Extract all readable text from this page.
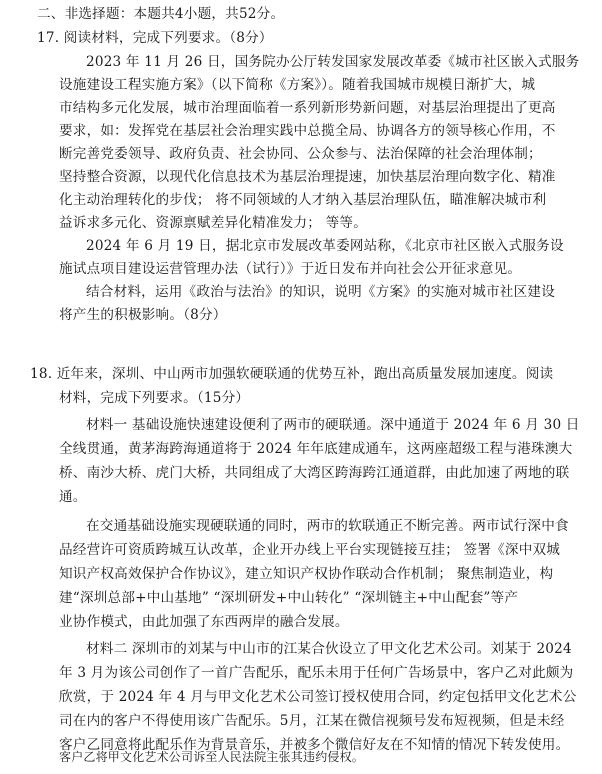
二、非选择题：本题共4小题，共52分。
17. 阅读材料，完成下列要求。（8分）
2023 年 11 月 26 日，国务院办公厅转发国家发展改革委《城市社区嵌入式服务
设施建设工程实施方案》（以下简称《方案》）。随着我国城市规模日渐扩大，城
市结构多元化发展，城市治理面临着一系列新形势新问题，对基层治理提出了更高
要求，如：发挥党在基层社会治理实践中总揽全局、协调各方的领导核心作用，不
断完善党委领导、政府负责、社会协同、公众参与、法治保障的社会治理体制；
坚持整合资源，以现代化信息技术为基层治理提速，加快基层治理向数字化、精准
化主动治理转化的步伐； 将不同领域的人才纳入基层治理队伍，瞄准解决城市利
益诉求多元化、资源禀赋差异化精准发力； 等等。
2024 年 6 月 19 日，据北京市发展改革委网站称，《北京市社区嵌入式服务设
施试点项目建设运营管理办法（试行）》于近日发布并向社会公开征求意见。
结合材料，运用《政治与法治》的知识，说明《方案》的实施对城市社区建设
将产生的积极影响。（8分）
18. 近年来，深圳、中山两市加强软硬联通的优势互补，跑出高质量发展加速度。阅读
材料，完成下列要求。（15分）
材料一 基础设施快速建设便利了两市的硬联通。深中通道于 2024 年 6 月 30 日
全线贯通，黄茅海跨海通道将于 2024 年年底建成通车，这两座超级工程与港珠澳大
桥、南沙大桥、虎门大桥，共同组成了大湾区跨海跨江通道群，由此加速了两地的联
通。
在交通基础设施实现硬联通的同时，两市的软联通正不断完善。两市试行深中食
品经营许可资质跨城互认改革，企业开办线上平台实现链接互挂； 签署《深中双城
知识产权高效保护合作协议》，建立知识产权协作联动合作机制； 聚焦制造业，构
建“深圳总部+中山基地” “深圳研发+中山转化” “深圳链主+中山配套”等产
业协作模式，由此加强了东西两岸的融合发展。
材料二 深圳市的刘某与中山市的江某合伙设立了甲文化艺术公司。刘某于 2024
年 3 月为该公司创作了一首广告配乐，配乐未用于任何广告场景中，客户乙对此颇为
欣赏，于 2024 年 4 月与甲文化艺术公司签订授权使用合同，约定包括甲文化艺术公
司在内的客户不得使用该广告配乐。5月，江某在微信视频号发布短视频，但是未经
客户乙同意将此配乐作为背景音乐，并被多个微信好友在不知情的情况下转发使用。
客户乙将甲文化艺术公司诉至人民法院主张其违约侵权。
